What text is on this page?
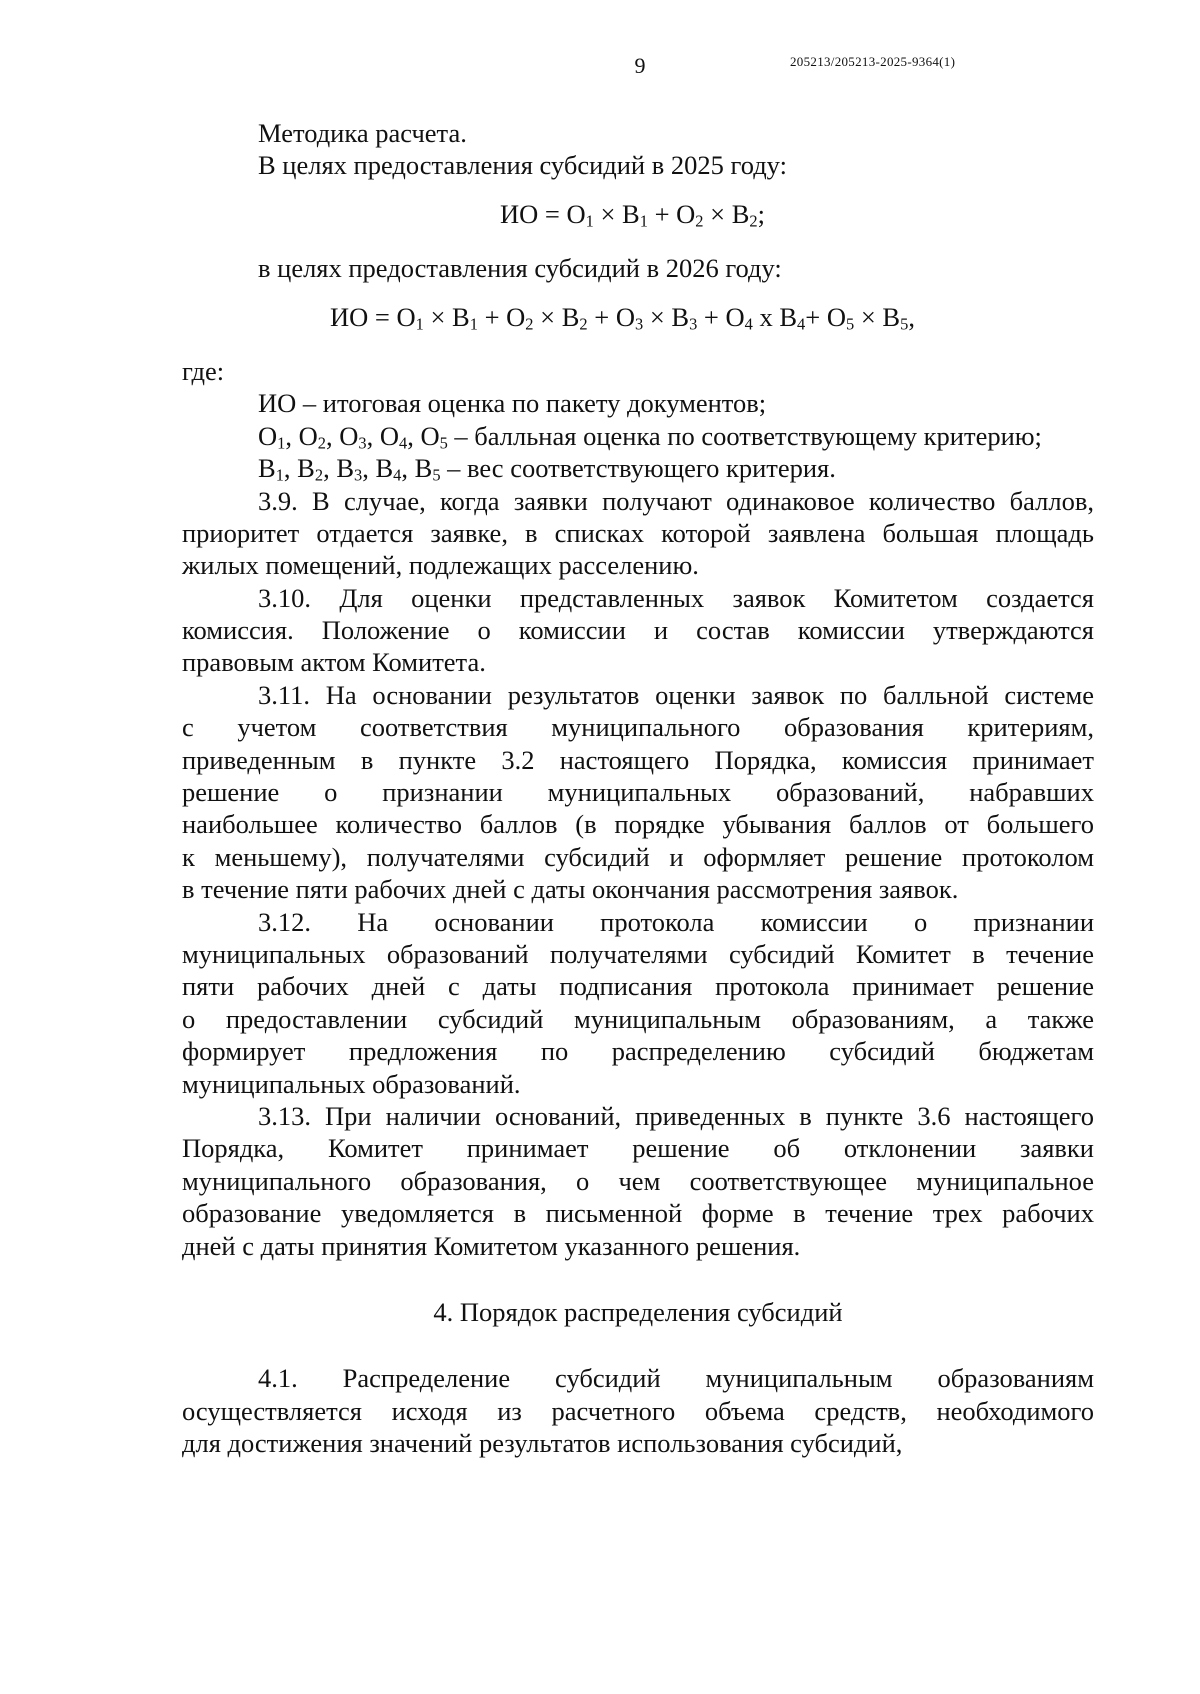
9	205213/205213-2025-9364(1)
Методика расчета.
В целях предоставления субсидий в 2025 году:
ИО = $О_1 \times В_1 + О_2 \times В_2$;
в целях предоставления субсидий в 2026 году:
ИО = $О_1 \times В_1 + О_2 \times В_2 + О_3 \times В_3 + О_4$ х $В_4+ О_5 \times В_5$,
где:
ИО – итоговая оценка по пакету документов;
$О_1$, $О_2$, $О_3$, $О_4$, $О_5$ – балльная оценка по соответствующему критерию;
$В_1$, $В_2$, $В_3$, $В_4$, $В_5$ – вес соответствующего критерия.
3.9. В случае, когда заявки получают одинаковое количество баллов,
приоритет отдается заявке, в списках которой заявлена большая площадь
жилых помещений, подлежащих расселению.
3.10. Для оценки представленных заявок Комитетом создается
комиссия. Положение о комиссии и состав комиссии утверждаются
правовым актом Комитета.
3.11. На основании результатов оценки заявок по балльной системе
с учетом соответствия муниципального образования критериям,
приведенным в пункте 3.2 настоящего Порядка, комиссия принимает
решение о признании муниципальных образований, набравших
наибольшее количество баллов (в порядке убывания баллов от большего
к меньшему), получателями субсидий и оформляет решение протоколом
в течение пяти рабочих дней с даты окончания рассмотрения заявок.
3.12. На основании протокола комиссии о признании
муниципальных образований получателями субсидий Комитет в течение
пяти рабочих дней с даты подписания протокола принимает решение
о предоставлении субсидий муниципальным образованиям, а также
формирует предложения по распределению субсидий бюджетам
муниципальных образований.
3.13. При наличии оснований, приведенных в пункте 3.6 настоящего
Порядка, Комитет принимает решение об отклонении заявки
муниципального образования, о чем соответствующее муниципальное
образование уведомляется в письменной форме в течение трех рабочих
дней с даты принятия Комитетом указанного решения.
4. Порядок распределения субсидий
4.1. Распределение субсидий муниципальным образованиям
осуществляется исходя из расчетного объема средств, необходимого
для достижения значений результатов использования субсидий,
